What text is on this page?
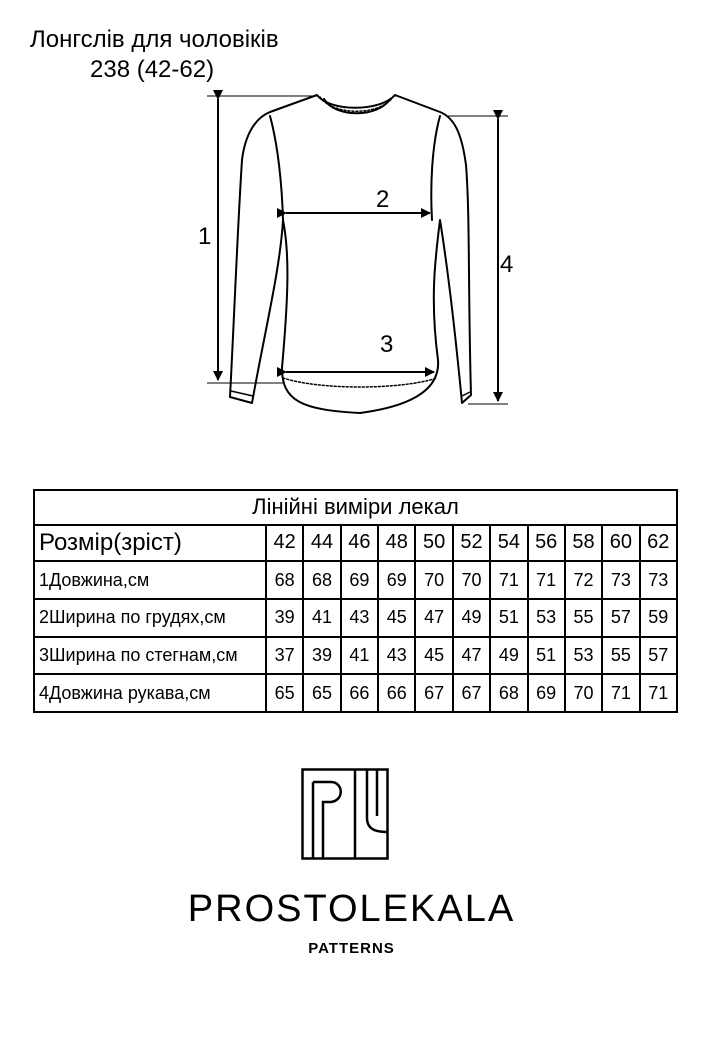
Лонгслів для чоловіків
238 (42-62)
1
2
3
4
Лінійні виміри лекал											
Розмір(зріст)	42	44	46	48	50	52	54	56	58	60	62
1Довжина,см	68	68	69	69	70	70	71	71	72	73	73
2Ширина по грудях,см	39	41	43	45	47	49	51	53	55	57	59
3Ширина по стегнам,см	37	39	41	43	45	47	49	51	53	55	57
4Довжина рукава,см	65	65	66	66	67	67	68	69	70	71	71
PROSTOLEKALA
PATTERNS
